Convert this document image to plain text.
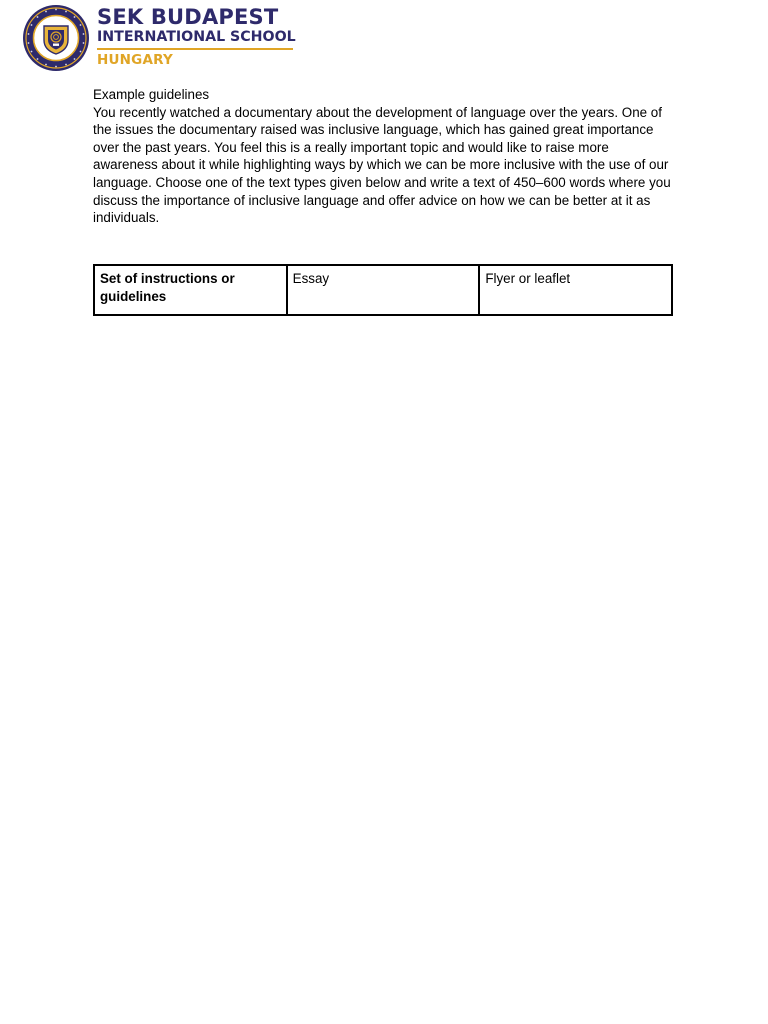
SEK BUDAPEST
INTERNATIONAL SCHOOL
HUNGARY

Example guidelines

You recently watched a documentary about the development of language over the years. One of the issues the documentary raised was inclusive language, which has gained great importance over the past years. You feel this is a really important topic and would like to raise more awareness about it while highlighting ways by which we can be more inclusive with the use of our language. Choose one of the text types given below and write a text of 450–600 words where you discuss the importance of inclusive language and offer advice on how we can be better at it as individuals.

Set of instructions or guidelines	Essay	Flyer or leaflet
